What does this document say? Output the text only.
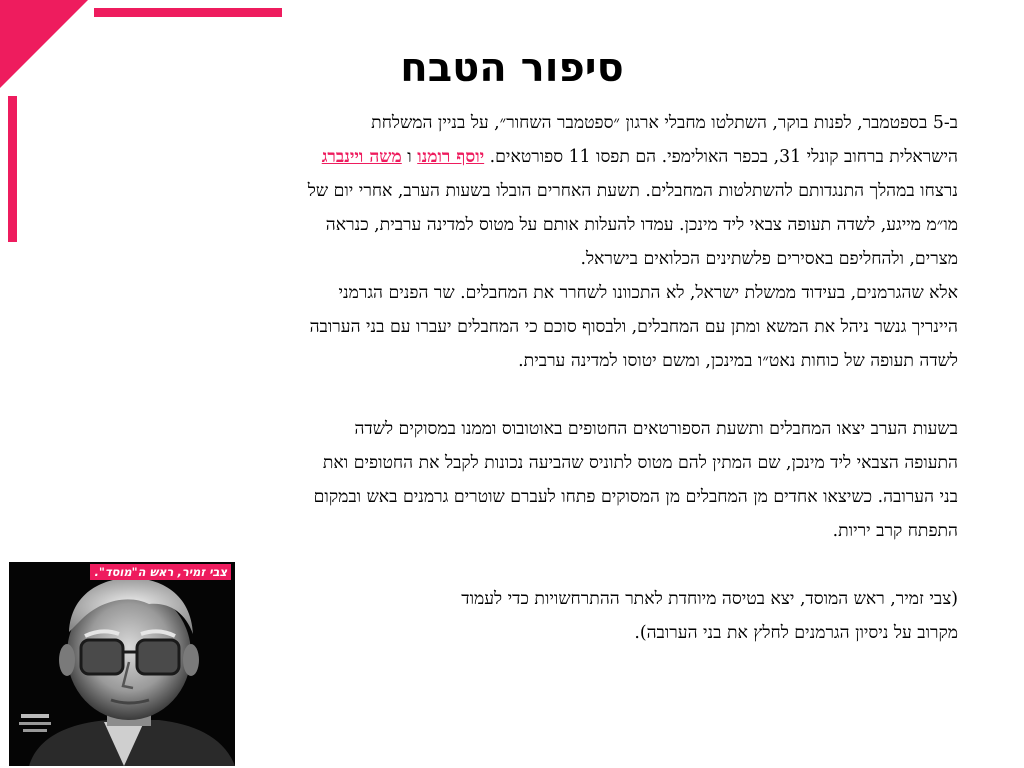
סיפור הטבח

ב-5 בספטמבר, לפנות בוקר, השתלטו מחבלי ארגון ״ספטמבר השחור״, על בניין המשלחת

הישראלית ברחוב קונלי 31, בכפר האולימפי. הם תפסו 11 ספורטאים. יוסף רומנו ו משה ויינברג

נרצחו במהלך התנגדותם להשתלטות המחבלים. תשעת האחרים הובלו בשעות הערב, אחרי יום של

מו״מ מייגע, לשדה תעופה צבאי ליד מינכן. עמדו להעלות אותם על מטוס למדינה ערבית, כנראה

מצרים, ולהחליפם באסירים פלשתינים הכלואים בישראל.

אלא שהגרמנים, בעידוד ממשלת ישראל, לא התכוונו לשחרר את המחבלים. שר הפנים הגרמני

היינריך גנשר ניהל את המשא ומתן עם המחבלים, ולבסוף סוכם כי המחבלים יעברו עם בני הערובה

לשדה תעופה של כוחות נאט״ו במינכן, ומשם יטוסו למדינה ערבית.

בשעות הערב יצאו המחבלים ותשעת הספורטאים החטופים באוטובוס וממנו במסוקים לשדה

התעופה הצבאי ליד מינכן, שם המתין להם מטוס לתוניס שהביעה נכונות לקבל את החטופים ואת

בני הערובה. כשיצאו אחדים מן המחבלים מן המסוקים פתחו לעברם שוטרים גרמנים באש ובמקום

התפתח קרב יריות.

(צבי זמיר, ראש המוסד, יצא בטיסה מיוחדת לאתר ההתרחשויות כדי לעמוד

מקרוב על ניסיון הגרמנים לחלץ את בני הערובה).

צבי זמיר, ראש ה"מוסד".
